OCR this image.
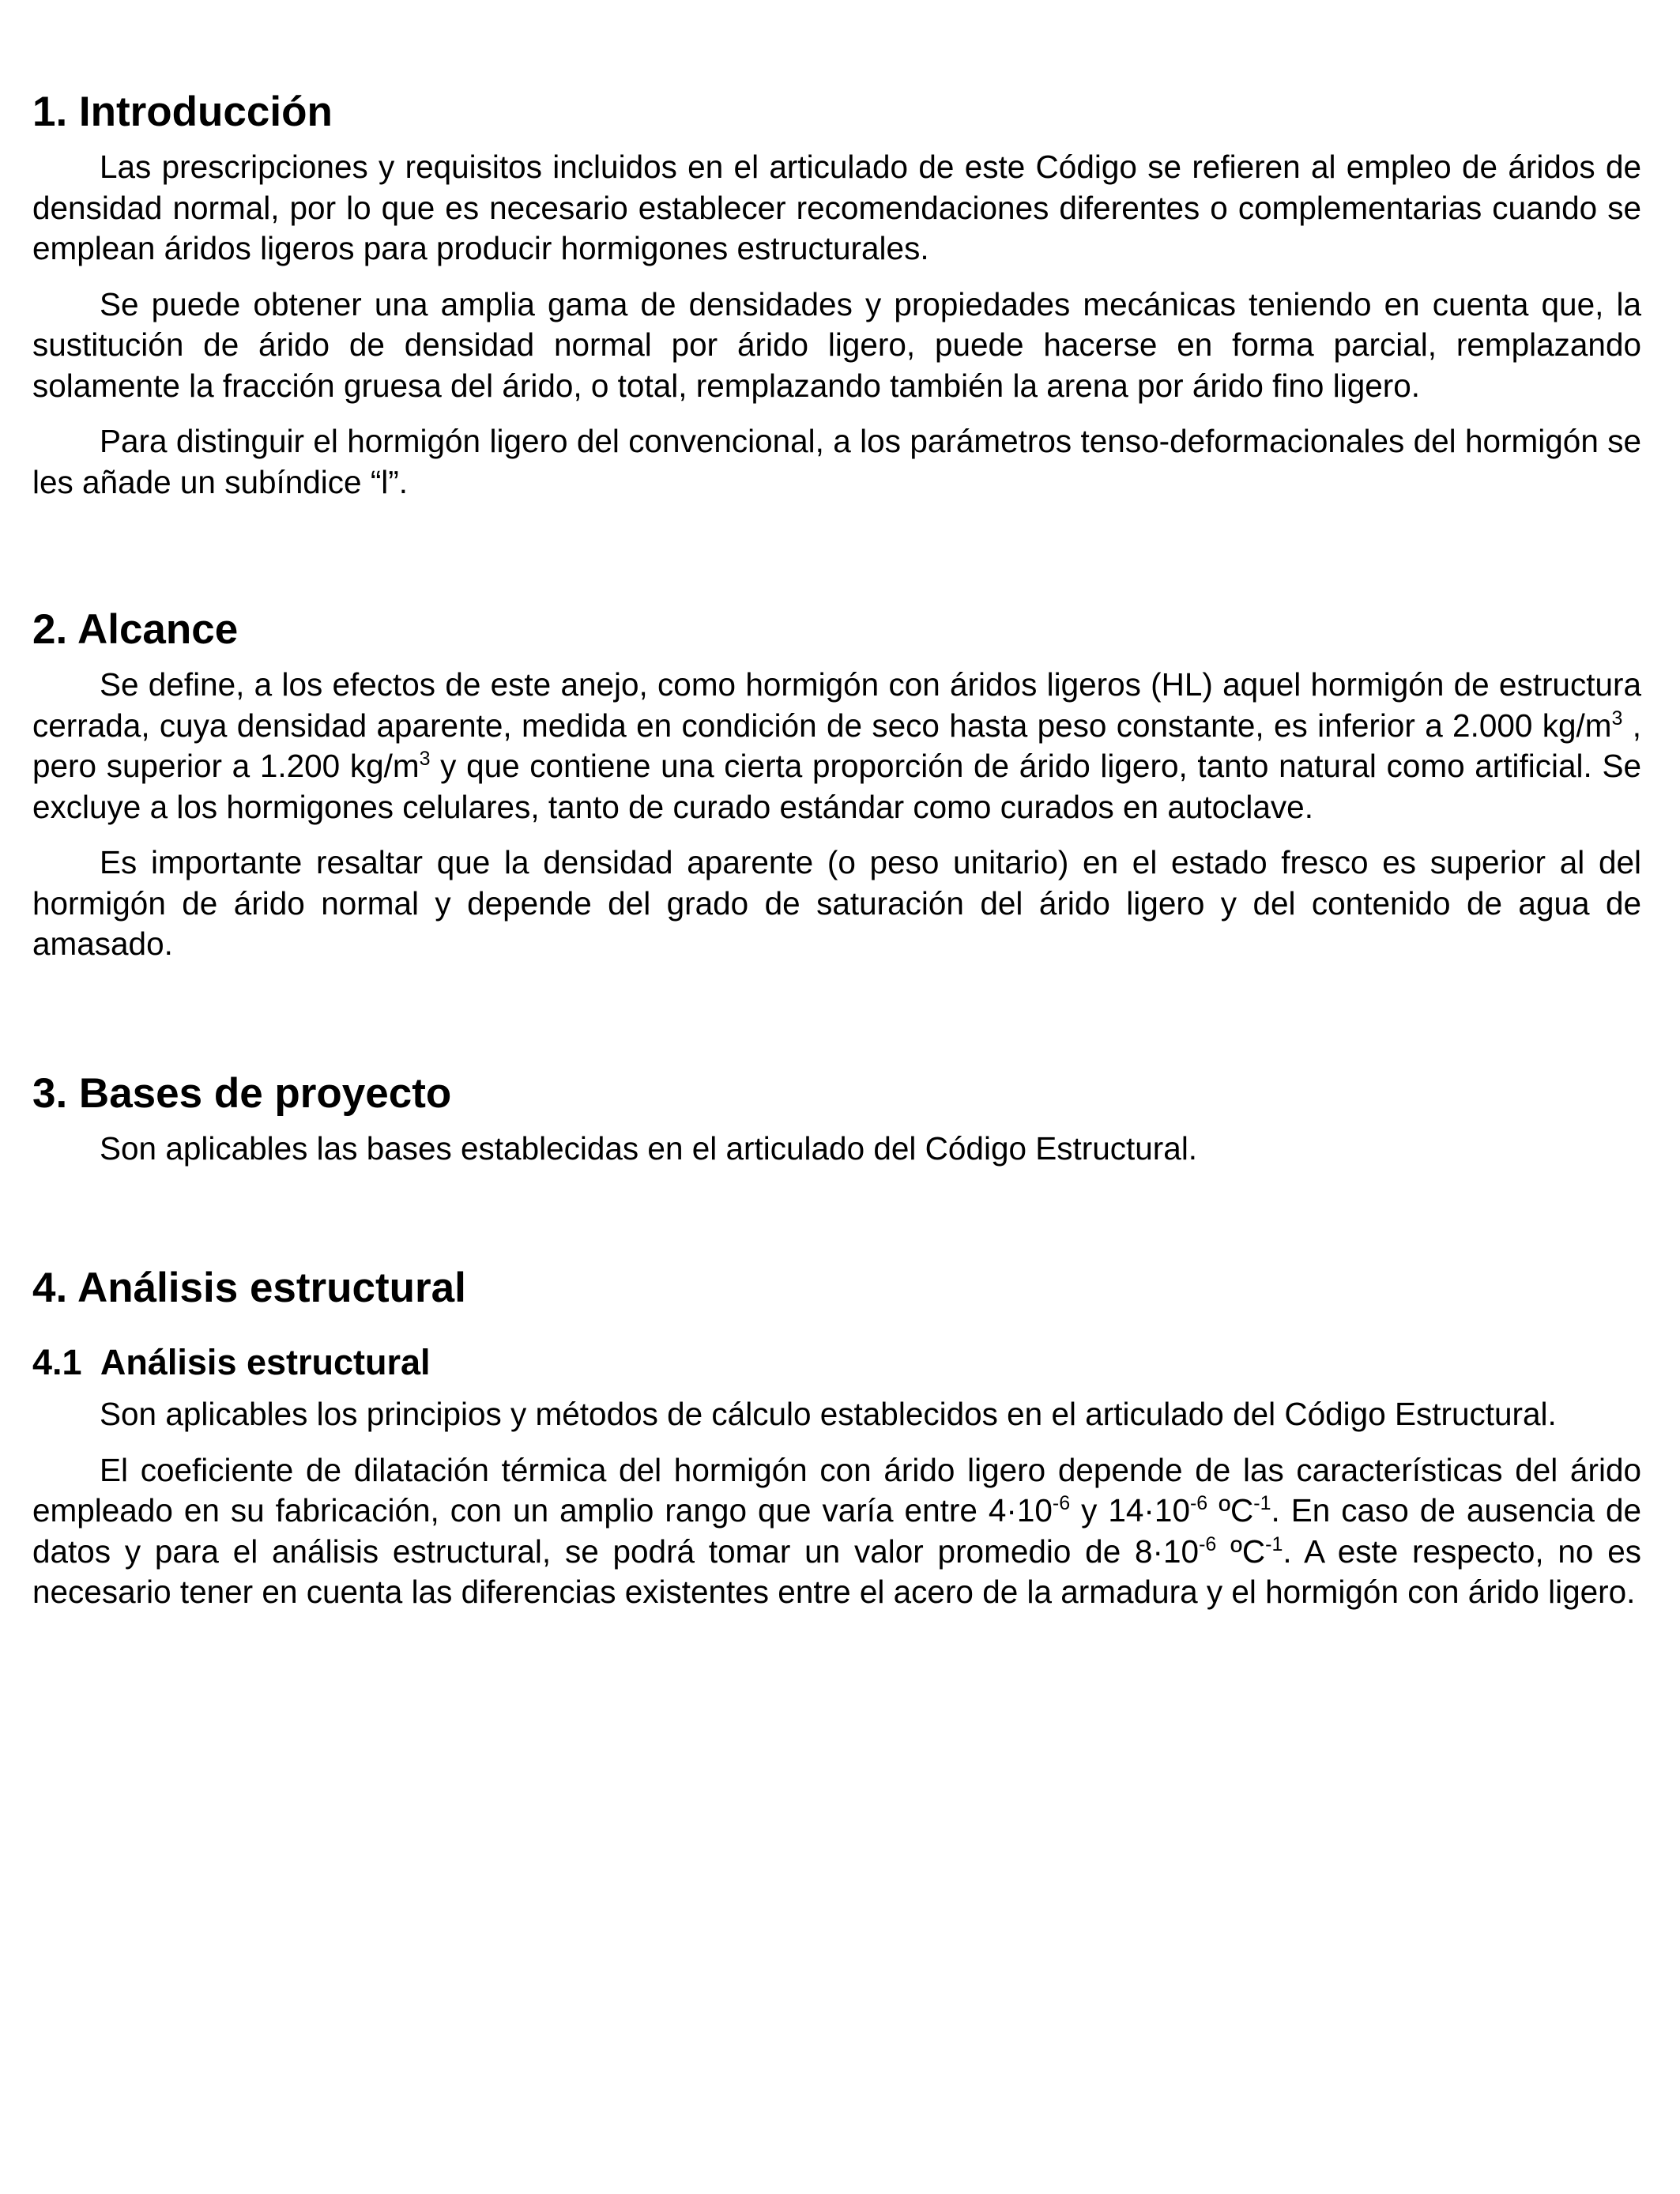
1. Introducción

Las prescripciones y requisitos incluidos en el articulado de este Código se refieren al empleo de áridos de densidad normal, por lo que es necesario establecer recomendaciones diferentes o complementarias cuando se emplean áridos ligeros para producir hormigones estructurales.

Se puede obtener una amplia gama de densidades y propiedades mecánicas teniendo en cuenta que, la sustitución de árido de densidad normal por árido ligero, puede hacerse en forma parcial, remplazando solamente la fracción gruesa del árido, o total, remplazando también la arena por árido fino ligero.

Para distinguir el hormigón ligero del convencional, a los parámetros tenso-deformacionales del hormigón se les añade un subíndice “l”.

2. Alcance

Se define, a los efectos de este anejo, como hormigón con áridos ligeros (HL) aquel hormigón de estructura cerrada, cuya densidad aparente, medida en condición de seco hasta peso constante, es inferior a 2.000 $kg/m^3$ , pero superior a 1.200 $kg/m^3$ y que contiene una cierta proporción de árido ligero, tanto natural como artificial. Se excluye a los hormigones celulares, tanto de curado estándar como curados en autoclave.

Es importante resaltar que la densidad aparente (o peso unitario) en el estado fresco es superior al del hormigón de árido normal y depende del grado de saturación del árido ligero y del contenido de agua de amasado.

3. Bases de proyecto

Son aplicables las bases establecidas en el articulado del Código Estructural.

4. Análisis estructural
4.1  Análisis estructural

Son aplicables los principios y métodos de cálculo establecidos en el articulado del Código Estructural.

El coeficiente de dilatación térmica del hormigón con árido ligero depende de las características del árido empleado en su fabricación, con un amplio rango que varía entre $4\cdot 10^{-6}$ y $14\cdot 10^{-6}$ ºC$^{-1}$. En caso de ausencia de datos y para el análisis estructural, se podrá tomar un valor promedio de $8\cdot 10^{-6}$ ºC$^{-1}$. A este respecto, no es necesario tener en cuenta las diferencias existentes entre el acero de la armadura y el hormigón con árido ligero.
